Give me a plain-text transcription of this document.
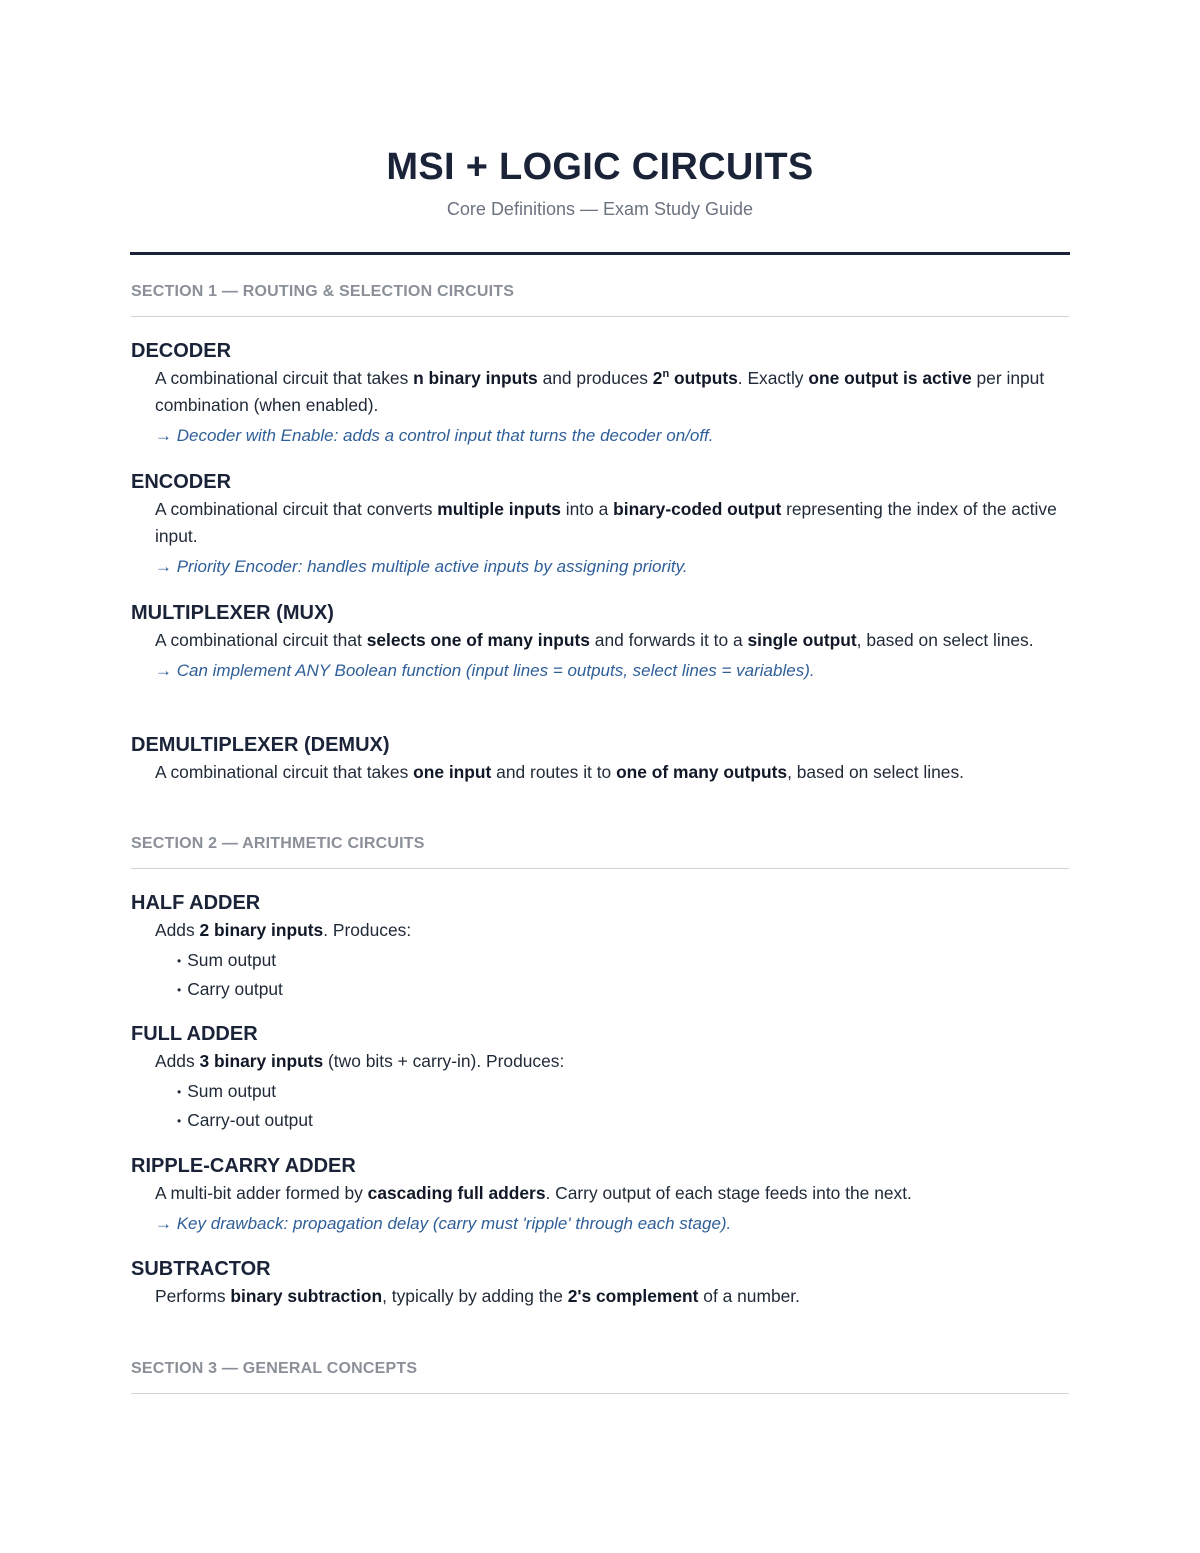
MSI + LOGIC CIRCUITS
Core Definitions — Exam Study Guide
SECTION 1 — ROUTING & SELECTION CIRCUITS
DECODER
A combinational circuit that takes n binary inputs and produces 2$^n$ outputs. Exactly one output is active per input combination (when enabled).
→ Decoder with Enable: adds a control input that turns the decoder on/off.
ENCODER
A combinational circuit that converts multiple inputs into a binary-coded output representing the index of the active input.
→ Priority Encoder: handles multiple active inputs by assigning priority.
MULTIPLEXER (MUX)
A combinational circuit that selects one of many inputs and forwards it to a single output, based on select lines.
→ Can implement ANY Boolean function (input lines = outputs, select lines = variables).
DEMULTIPLEXER (DEMUX)
A combinational circuit that takes one input and routes it to one of many outputs, based on select lines.
SECTION 2 — ARITHMETIC CIRCUITS
HALF ADDER
Adds 2 binary inputs. Produces:
• Sum output
• Carry output
FULL ADDER
Adds 3 binary inputs (two bits + carry-in). Produces:
• Sum output
• Carry-out output
RIPPLE-CARRY ADDER
A multi-bit adder formed by cascading full adders. Carry output of each stage feeds into the next.
→ Key drawback: propagation delay (carry must 'ripple' through each stage).
SUBTRACTOR
Performs binary subtraction, typically by adding the 2's complement of a number.
SECTION 3 — GENERAL CONCEPTS
